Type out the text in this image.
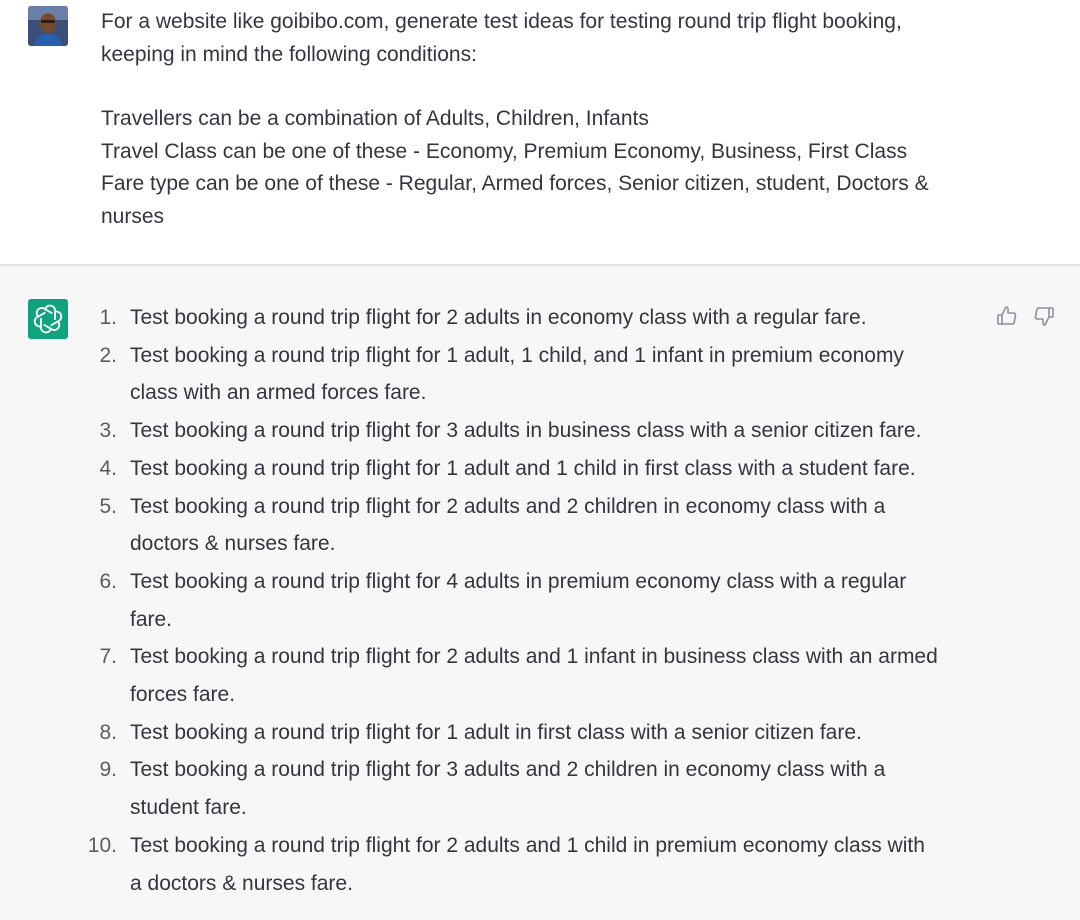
For a website like goibibo.com, generate test ideas for testing round trip flight booking,

keeping in mind the following conditions:

Travellers can be a combination of Adults, Children, Infants

Travel Class can be one of these - Economy, Premium Economy, Business, First Class

Fare type can be one of these - Regular, Armed forces, Senior citizen, student, Doctors &

nurses

1. Test booking a round trip flight for 2 adults in economy class with a regular fare.
2. Test booking a round trip flight for 1 adult, 1 child, and 1 infant in premium economy
class with an armed forces fare.
3. Test booking a round trip flight for 3 adults in business class with a senior citizen fare.
4. Test booking a round trip flight for 1 adult and 1 child in first class with a student fare.
5. Test booking a round trip flight for 2 adults and 2 children in economy class with a
doctors & nurses fare.
6. Test booking a round trip flight for 4 adults in premium economy class with a regular
fare.
7. Test booking a round trip flight for 2 adults and 1 infant in business class with an armed
forces fare.
8. Test booking a round trip flight for 1 adult in first class with a senior citizen fare.
9. Test booking a round trip flight for 3 adults and 2 children in economy class with a
student fare.
10. Test booking a round trip flight for 2 adults and 1 child in premium economy class with
a doctors & nurses fare.
